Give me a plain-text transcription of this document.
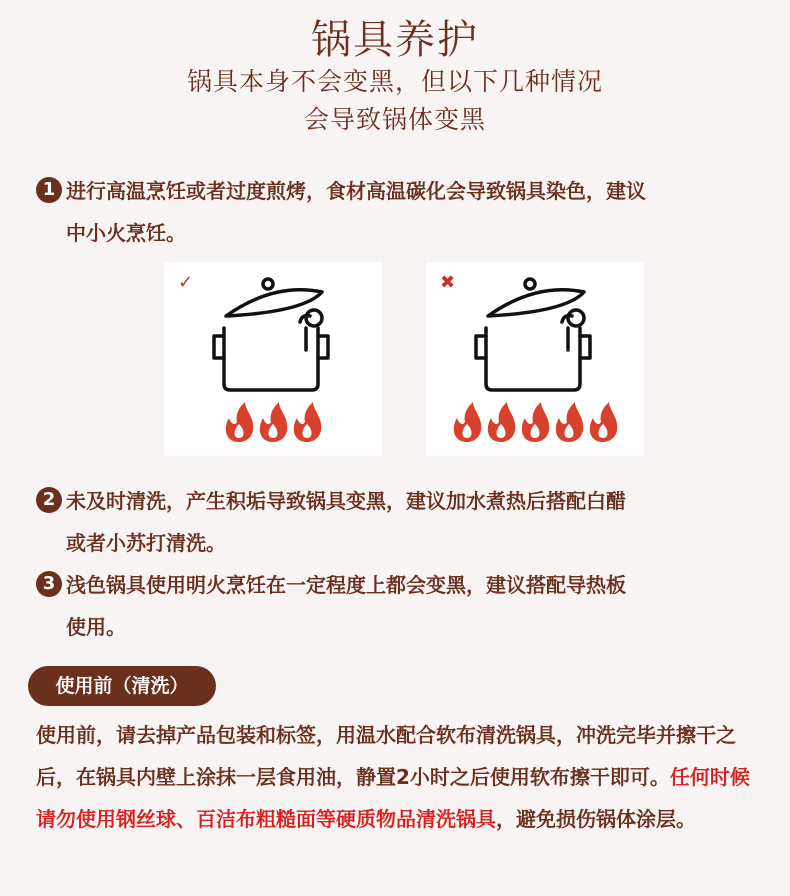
锅具养护
锅具本身不会变黑，但以下几种情况
会导致锅体变黑
1 进行高温烹饪或者过度煎烤，食材高温碳化会导致锅具染色，建议
中小火烹饪。
✓	✖
2 未及时清洗，产生积垢导致锅具变黑，建议加水煮热后搭配白醋
或者小苏打清洗。
3 浅色锅具使用明火烹饪在一定程度上都会变黑，建议搭配导热板
使用。
使用前（清洗）
使用前，请去掉产品包装和标签，用温水配合软布清洗锅具，冲洗完毕并擦干之后，在锅具内壁上涂抹一层食用油，静置2小时之后使用软布擦干即可。任何时候请勿使用钢丝球、百洁布粗糙面等硬质物品清洗锅具，避免损伤锅体涂层。
